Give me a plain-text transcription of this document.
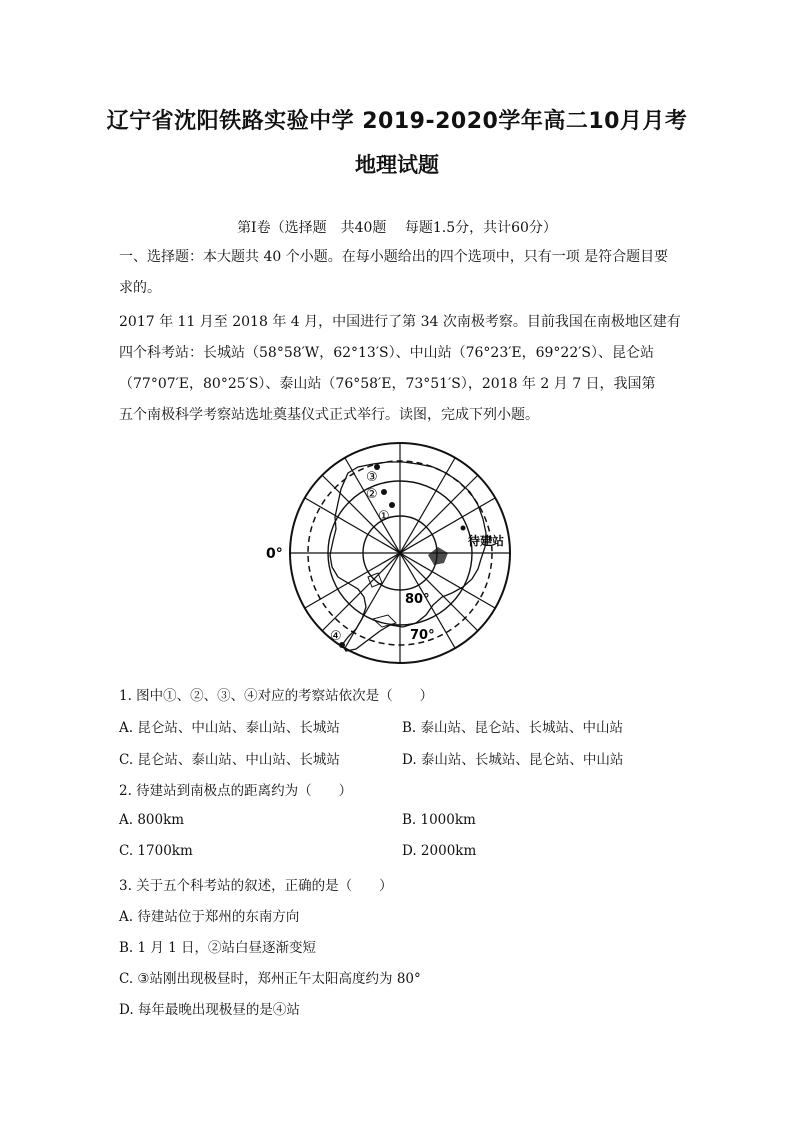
辽宁省沈阳铁路实验中学 2019-2020学年高二10月月考
地理试题
第Ⅰ卷（选择题　共40题　 每题1.5分，共计60分）
一、选择题：本大题共 40 个小题。在每小题给出的四个选项中，只有一项 是符合题目要
求的。
2017 年 11 月至 2018 年 4 月，中国进行了第 34 次南极考察。目前我国在南极地区建有
四个科考站：长城站（58°58′W，62°13′S）、中山站（76°23′E，69°22′S）、昆仑站
（77°07′E，80°25′S）、泰山站（76°58′E，73°51′S），2018 年 2 月 7 日，我国第
五个南极科学考察站选址奠基仪式正式举行。读图，完成下列小题。
③
②
①
④
0°
80°
70°
待建站
1. 图中①、②、③、④对应的考察站依次是（　　）
A. 昆仑站、中山站、泰山站、长城站	B. 泰山站、昆仑站、长城站、中山站
C. 昆仑站、泰山站、中山站、长城站	D. 泰山站、长城站、昆仑站、中山站
2. 待建站到南极点的距离约为（　　）
A. 800km	B. 1000km
C. 1700km	D. 2000km
3. 关于五个科考站的叙述，正确的是（　　）
A. 待建站位于郑州的东南方向
B. 1 月 1 日，②站白昼逐渐变短
C. ③站刚出现极昼时，郑州正午太阳高度约为 80°
D. 每年最晚出现极昼的是④站
